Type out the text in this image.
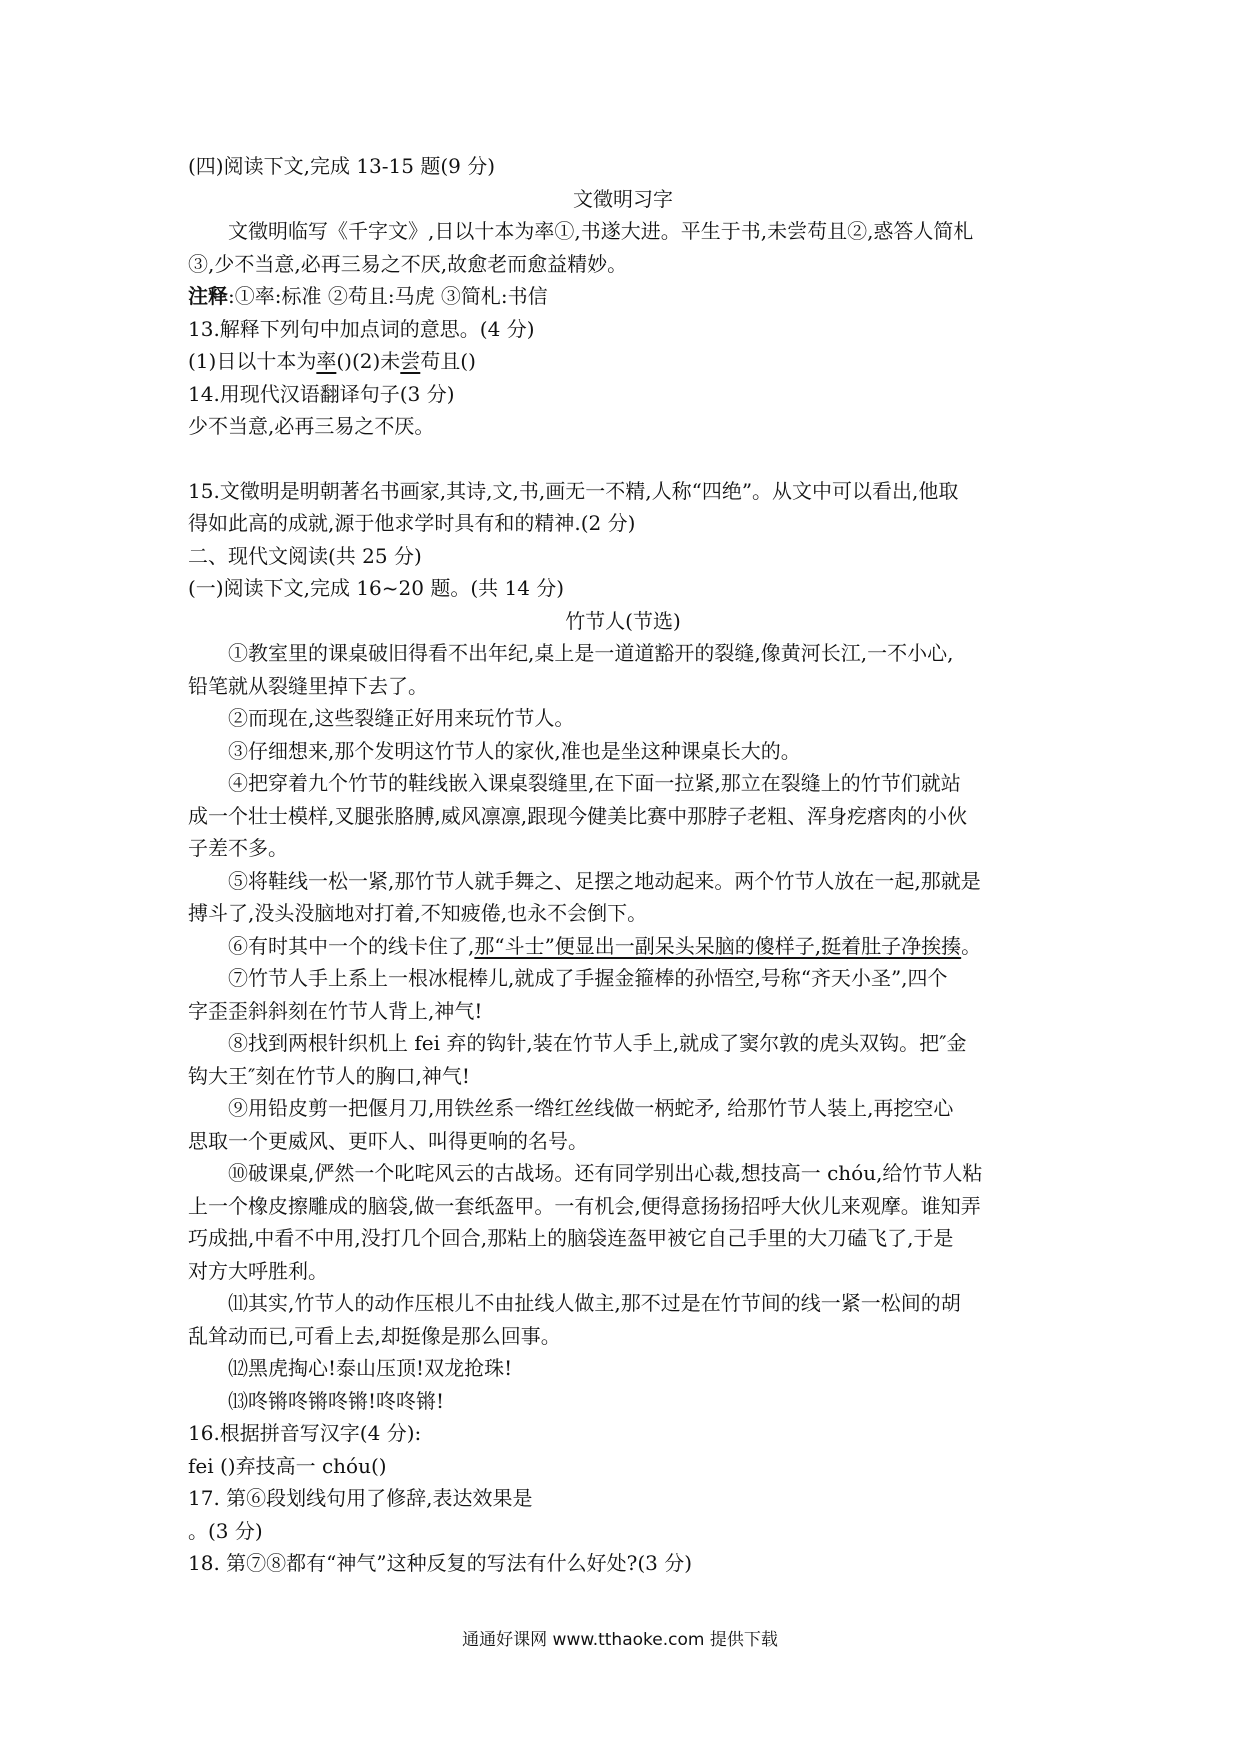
(四)阅读下文,完成 13-15 题(9 分)
文徵明习字
文徵明临写《千字文》,日以十本为率①,书遂大进。平生于书,未尝苟且②,惑答人简札
③,少不当意,必再三易之不厌,故愈老而愈益精妙。
注释:①率:标准 ②苟且:马虎 ③简札:书信
13.解释下列句中加点词的意思。(4 分)
(1)日以十本为率()(2)未尝苟且()
14.用现代汉语翻译句子(3 分)
少不当意,必再三易之不厌。
15.文徵明是明朝著名书画家,其诗,文,书,画无一不精,人称“四绝”。从文中可以看出,他取
得如此高的成就,源于他求学时具有和的精神.(2 分)
二、现代文阅读(共 25 分)
(一)阅读下文,完成 16~20 题。(共 14 分)
竹节人(节选)
①教室里的课桌破旧得看不出年纪,桌上是一道道豁开的裂缝,像黄河长江,一不小心,
铅笔就从裂缝里掉下去了。
②而现在,这些裂缝正好用来玩竹节人。
③仔细想来,那个发明这竹节人的家伙,准也是坐这种课桌长大的。
④把穿着九个竹节的鞋线嵌入课桌裂缝里,在下面一拉紧,那立在裂缝上的竹节们就站
成一个壮士模样,叉腿张胳膊,威风凛凛,跟现今健美比赛中那脖子老粗、浑身疙瘩肉的小伙
子差不多。
⑤将鞋线一松一紧,那竹节人就手舞之、足摆之地动起来。两个竹节人放在一起,那就是
搏斗了,没头没脑地对打着,不知疲倦,也永不会倒下。
⑥有时其中一个的线卡住了,那“斗士”便显出一副呆头呆脑的傻样子,挺着肚子净挨揍。
⑦竹节人手上系上一根冰棍棒儿,就成了手握金箍棒的孙悟空,号称“齐天小圣”,四个
字歪歪斜斜刻在竹节人背上,神气!
⑧找到两根针织机上 fei 弃的钩针,装在竹节人手上,就成了窦尔敦的虎头双钩。把″金
钩大王″刻在竹节人的胸口,神气!
⑨用铅皮剪一把偃月刀,用铁丝系一绺红丝线做一柄蛇矛, 给那竹节人装上,再挖空心
思取一个更威风、更吓人、叫得更响的名号。
⑩破课桌,俨然一个叱咤风云的古战场。还有同学别出心裁,想技高一 chóu,给竹节人粘
上一个橡皮擦雕成的脑袋,做一套纸盔甲。一有机会,便得意扬扬招呼大伙儿来观摩。谁知弄
巧成拙,中看不中用,没打几个回合,那粘上的脑袋连盔甲被它自己手里的大刀磕飞了,于是
对方大呼胜利。
⑾其实,竹节人的动作压根儿不由扯线人做主,那不过是在竹节间的线一紧一松间的胡
乱耸动而已,可看上去,却挺像是那么回事。
⑿黑虎掏心!泰山压顶!双龙抢珠!
⒀咚锵咚锵咚锵!咚咚锵!
16.根据拼音写汉字(4 分):
fei ()弃技高一 chóu()
17. 第⑥段划线句用了修辞,表达效果是
。(3 分)
18. 第⑦⑧都有“神气”这种反复的写法有什么好处?(3 分)
通通好课网 www.tthaoke.com 提供下载
